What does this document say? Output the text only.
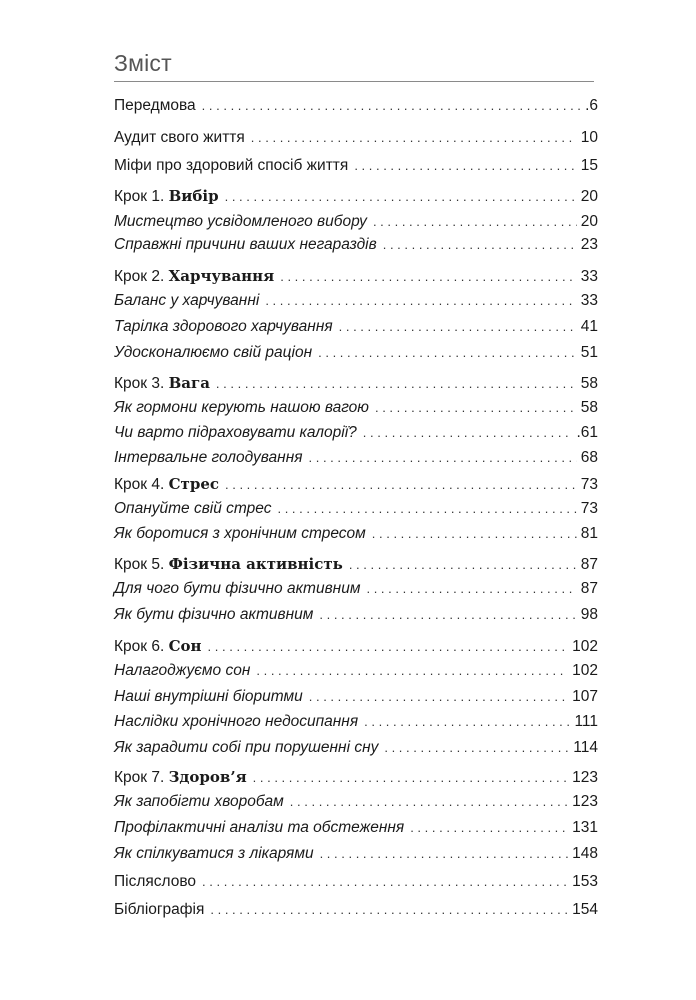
Зміст
Передмова . . .	.6
Аудит свого життя . . .	10
Міфи про здоровий спосіб життя . . .	15
Крок 1. Вибір . . .	20
Мистецтво усвідомленого вибору . . .	20
Справжні причини ваших негараздів . . .	23
Крок 2. Харчування . . .	33
Баланс у харчуванні . . .	33
Тарілка здорового харчування . . .	41
Удосконалюємо свій раціон . . .	51
Крок 3. Вага . . .	58
Як гормони керують нашою вагою . . .	58
Чи варто підраховувати калорії? . . .	.61
Інтервальне голодування . . .	68
Крок 4. Стрес . . .	73
Опануйте свій стрес . . .	73
Як боротися з хронічним стресом . . .	81
Крок 5. Фізична активність . . .	87
Для чого бути фізично активним . . .	87
Як бути фізично активним . . .	98
Крок 6. Сон . . .	102
Налагоджуємо сон . . .	102
Наші внутрішні біоритми . . .	107
Наслідки хронічного недосипання . . .	111
Як зарадити собі при порушенні сну . . .	114
Крок 7. Здоров’я . . .	123
Як запобігти хворобам . . .	123
Профілактичні аналізи та обстеження . . .	131
Як спілкуватися з лікарями . . .	148
Післяслово . . .	153
Бібліографія . . .	154
